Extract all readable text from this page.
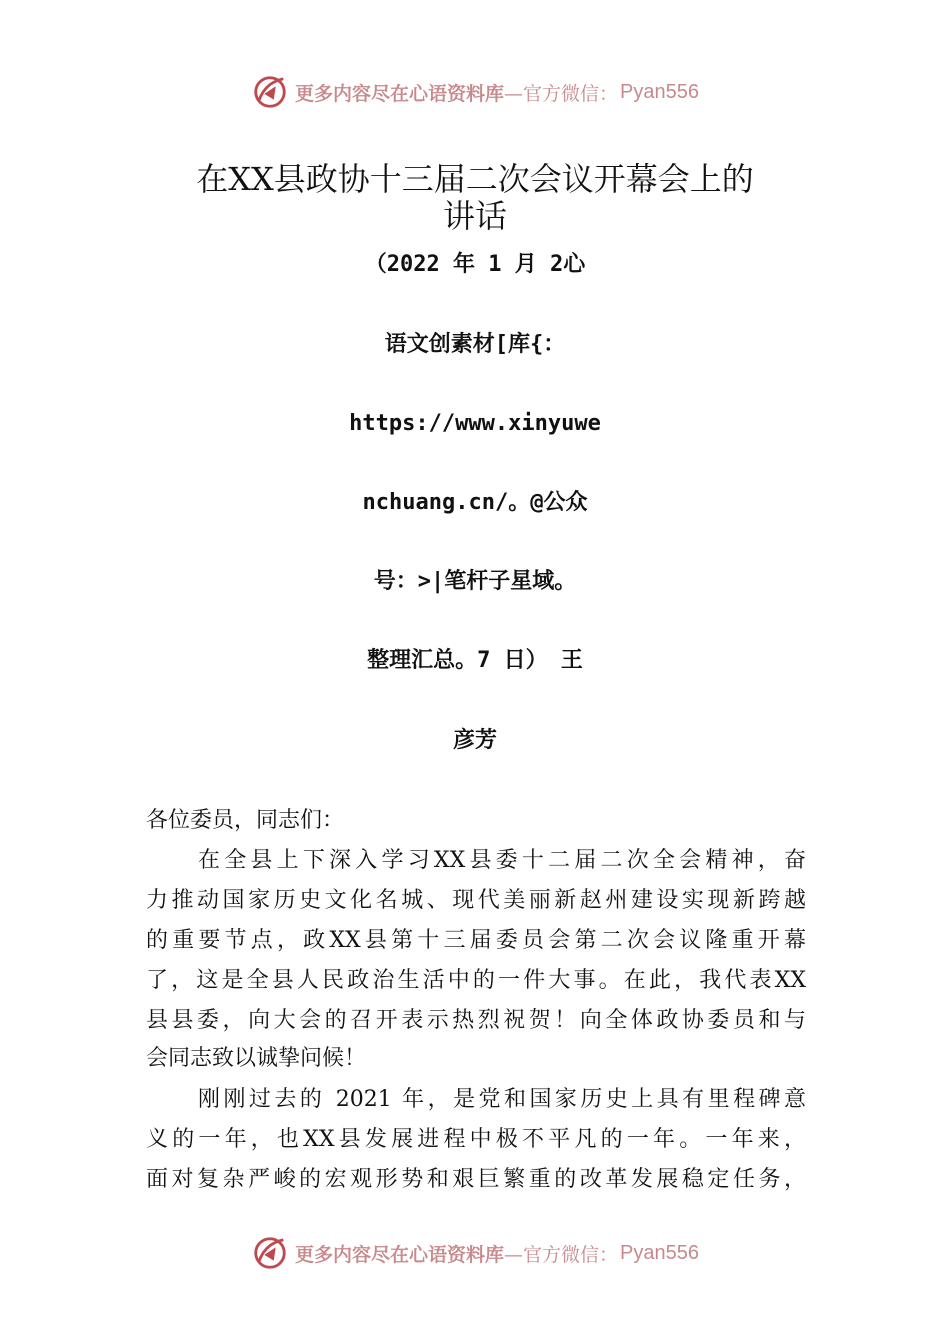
更多内容尽在心语资料库 —官方微信： Pyan556
在XX县政协十三届二次会议开幕会上的
讲话
（2022 年 1 月 2心
语文创素材[库{：
https://www.xinyuwe
nchuang.cn/。@公众
号：>|笔杆子星域。
整理汇总。7 日） 王
彦芳
各位委员，同志们：
在全县上下深入学习XX县委十二届二次全会精神，奋
力推动国家历史文化名城、现代美丽新赵州建设实现新跨越
的重要节点，政XX县第十三届委员会第二次会议隆重开幕
了，这是全县人民政治生活中的一件大事。在此，我代表XX
县县委，向大会的召开表示热烈祝贺！向全体政协委员和与
会同志致以诚挚问候！
刚刚过去的 2021 年，是党和国家历史上具有里程碑意
义的一年，也XX县发展进程中极不平凡的一年。一年来，
面对复杂严峻的宏观形势和艰巨繁重的改革发展稳定任务，
更多内容尽在心语资料库 —官方微信： Pyan556
